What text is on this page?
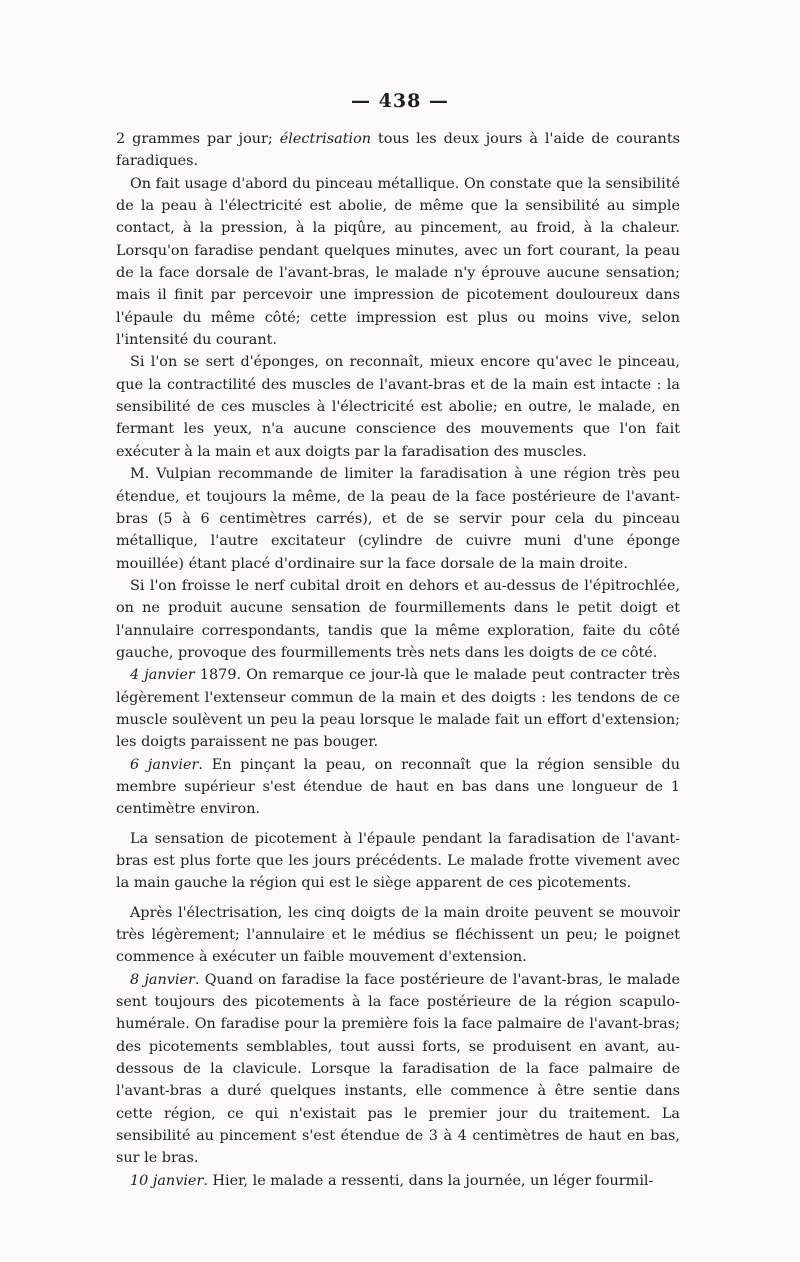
— 438 —

2 grammes par jour; électrisation tous les deux jours à l'aide de courants faradiques.

On fait usage d'abord du pinceau métallique. On constate que la sensibilité de la peau à l'électricité est abolie, de même que la sensibilité au simple contact, à la pression, à la piqûre, au pincement, au froid, à la chaleur. Lorsqu'on faradise pendant quelques minutes, avec un fort courant, la peau de la face dorsale de l'avant-bras, le malade n'y éprouve aucune sensation; mais il finit par percevoir une impression de picotement douloureux dans l'épaule du même côté; cette impression est plus ou moins vive, selon l'intensité du courant.

Si l'on se sert d'éponges, on reconnaît, mieux encore qu'avec le pinceau, que la contractilité des muscles de l'avant-bras et de la main est intacte : la sensibilité de ces muscles à l'électricité est abolie; en outre, le malade, en fermant les yeux, n'a aucune conscience des mouvements que l'on fait exécuter à la main et aux doigts par la faradisation des muscles.

M. Vulpian recommande de limiter la faradisation à une région très peu étendue, et toujours la même, de la peau de la face postérieure de l'avant-bras (5 à 6 centimètres carrés), et de se servir pour cela du pinceau métallique, l'autre excitateur (cylindre de cuivre muni d'une éponge mouillée) étant placé d'ordinaire sur la face dorsale de la main droite.

Si l'on froisse le nerf cubital droit en dehors et au-dessus de l'épitrochlée, on ne produit aucune sensation de fourmillements dans le petit doigt et l'annulaire correspondants, tandis que la même exploration, faite du côté gauche, provoque des fourmillements très nets dans les doigts de ce côté.

4 janvier 1879. On remarque ce jour-là que le malade peut contracter très légèrement l'extenseur commun de la main et des doigts : les tendons de ce muscle soulèvent un peu la peau lorsque le malade fait un effort d'extension; les doigts paraissent ne pas bouger.

6 janvier. En pinçant la peau, on reconnaît que la région sensible du membre supérieur s'est étendue de haut en bas dans une longueur de 1 centimètre environ.

La sensation de picotement à l'épaule pendant la faradisation de l'avant-bras est plus forte que les jours précédents. Le malade frotte vivement avec la main gauche la région qui est le siège apparent de ces picotements.

Après l'électrisation, les cinq doigts de la main droite peuvent se mouvoir très légèrement; l'annulaire et le médius se fléchissent un peu; le poignet commence à exécuter un faible mouvement d'extension.

8 janvier. Quand on faradise la face postérieure de l'avant-bras, le malade sent toujours des picotements à la face postérieure de la région scapulo-humérale. On faradise pour la première fois la face palmaire de l'avant-bras; des picotements semblables, tout aussi forts, se produisent en avant, au-dessous de la clavicule. Lorsque la faradisation de la face palmaire de l'avant-bras a duré quelques instants, elle commence à être sentie dans cette région, ce qui n'existait pas le premier jour du traitement. La sensibilité au pincement s'est étendue de 3 à 4 centimètres de haut en bas, sur le bras.

10 janvier. Hier, le malade a ressenti, dans la journée, un léger fourmil-
